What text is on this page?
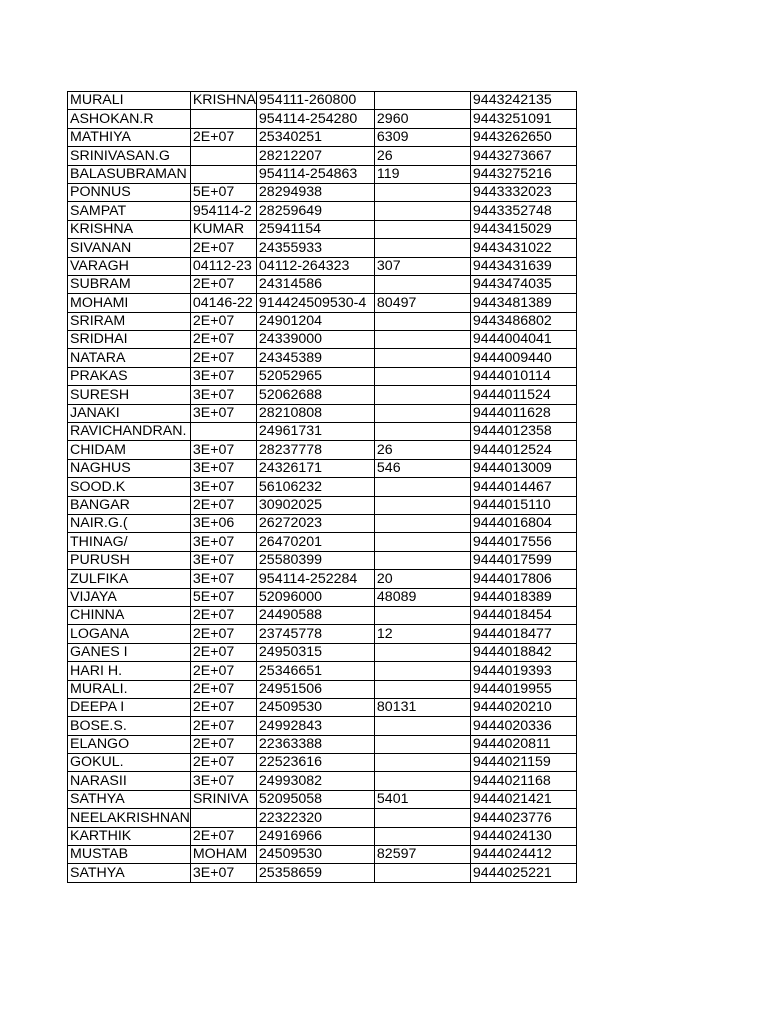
MURALI	KRISHNA	954111-260800		9443242135

ASHOKAN.R		954114-254280	2960	9443251091

MATHIYA	2E+07	25340251	6309	9443262650

SRINIVASAN.G		28212207	26	9443273667

BALASUBRAMAN		954114-254863	119	9443275216

PONNUS	5E+07	28294938		9443332023

SAMPAT	954114-2	28259649		9443352748

KRISHNA	KUMAR	25941154		9443415029

SIVANAN	2E+07	24355933		9443431022

VARAGH	04112-23	04112-264323	307	9443431639

SUBRAM	2E+07	24314586		9443474035

MOHAMI	04146-22	914424509530-4	80497	9443481389

SRIRAM	2E+07	24901204		9443486802

SRIDHAI	2E+07	24339000		9444004041

NATARA	2E+07	24345389		9444009440

PRAKAS	3E+07	52052965		9444010114

SURESH	3E+07	52062688		9444011524

JANAKI	3E+07	28210808		9444011628

RAVICHANDRAN.		24961731		9444012358

CHIDAM	3E+07	28237778	26	9444012524

NAGHUS	3E+07	24326171	546	9444013009

SOOD.K	3E+07	56106232		9444014467

BANGAR	2E+07	30902025		9444015110

NAIR.G.(	3E+06	26272023		9444016804

THINAG/	3E+07	26470201		9444017556

PURUSH	3E+07	25580399		9444017599

ZULFIKA	3E+07	954114-252284	20	9444017806

VIJAYA	5E+07	52096000	48089	9444018389

CHINNA	2E+07	24490588		9444018454

LOGANA	2E+07	23745778	12	9444018477

GANES I	2E+07	24950315		9444018842

HARI H.	2E+07	25346651		9444019393

MURALI.	2E+07	24951506		9444019955

DEEPA I	2E+07	24509530	80131	9444020210

BOSE.S.	2E+07	24992843		9444020336

ELANGO	2E+07	22363388		9444020811

GOKUL.	2E+07	22523616		9444021159

NARASII	3E+07	24993082		9444021168

SATHYA	SRINIVA	52095058	5401	9444021421

NEELAKRISHNAN		22322320		9444023776

KARTHIK	2E+07	24916966		9444024130

MUSTAB	MOHAM	24509530	82597	9444024412

SATHYA	3E+07	25358659		9444025221
